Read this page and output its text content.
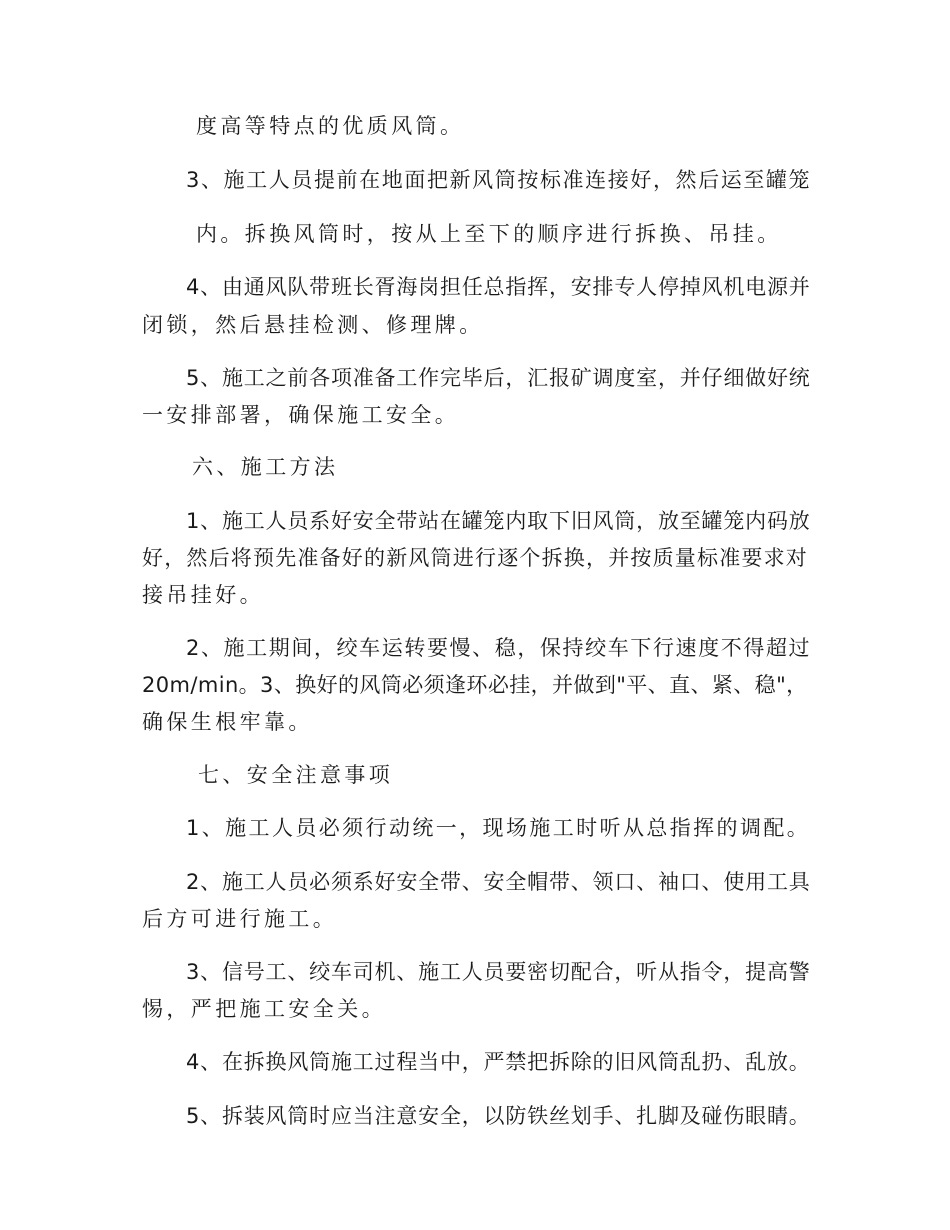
度高等特点的优质风筒。
3、施工人员提前在地面把新风筒按标准连接好，然后运至罐笼
内。拆换风筒时，按从上至下的顺序进行拆换、吊挂。
4、由通风队带班长胥海岗担任总指挥，安排专人停掉风机电源并
闭锁，然后悬挂检测、修理牌。
5、施工之前各项准备工作完毕后，汇报矿调度室，并仔细做好统
一安排部署，确保施工安全。
六、施工方法
1、施工人员系好安全带站在罐笼内取下旧风筒，放至罐笼内码放
好，然后将预先准备好的新风筒进行逐个拆换，并按质量标准要求对
接吊挂好。
2、施工期间，绞车运转要慢、稳，保持绞车下行速度不得超过
20m/min。3、换好的风筒必须逢环必挂，并做到"平、直、紧、稳"，
确保生根牢靠。
七、安全注意事项
1、施工人员必须行动统一，现场施工时听从总指挥的调配。
2、施工人员必须系好安全带、安全帽带、领口、袖口、使用工具
后方可进行施工。
3、信号工、绞车司机、施工人员要密切配合，听从指令，提高警
惕，严把施工安全关。
4、在拆换风筒施工过程当中，严禁把拆除的旧风筒乱扔、乱放。
5、拆装风筒时应当注意安全，以防铁丝划手、扎脚及碰伤眼睛。
